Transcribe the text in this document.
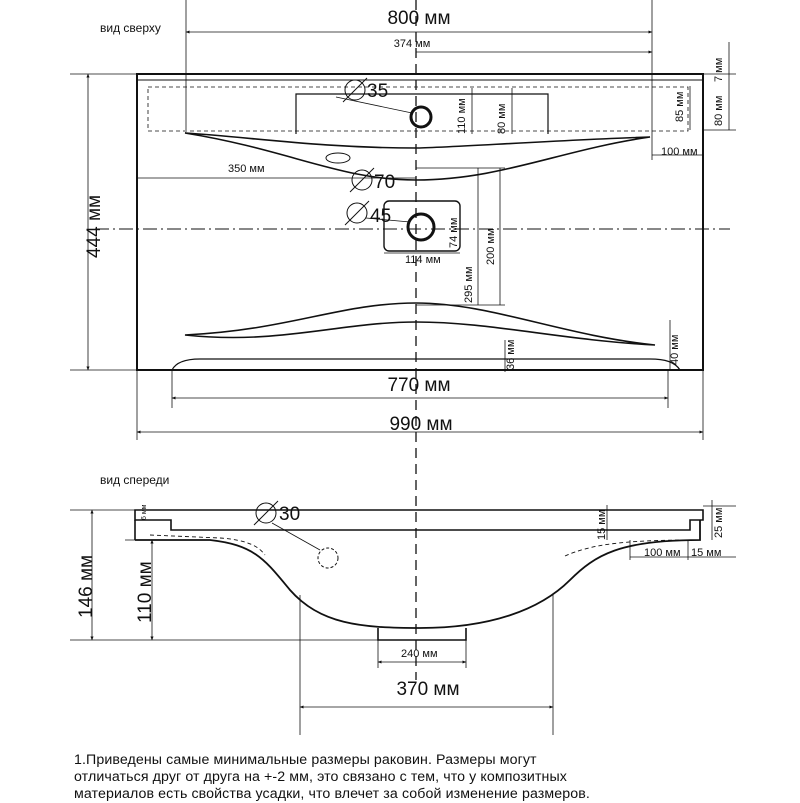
вид сверху	800 мм
374 мм
35
7 мм
80 мм
85 мм
110 мм	80 мм
100 мм
350 мм
70
45
74 мм
114 мм	200 мм
295 мм
444 мм
36 мм	40 мм
770 мм
990 мм
вид спереди
6 мм	30	15 мм	25 мм
100 мм 15 мм
146 мм 110 мм
240 мм
370 мм
1.Приведены самые минимальные размеры раковин. Размеры могут
отличаться друг от друга на +-2 мм, это связано с тем, что у композитных
материалов есть свойства усадки, что влечет за собой изменение размеров.
